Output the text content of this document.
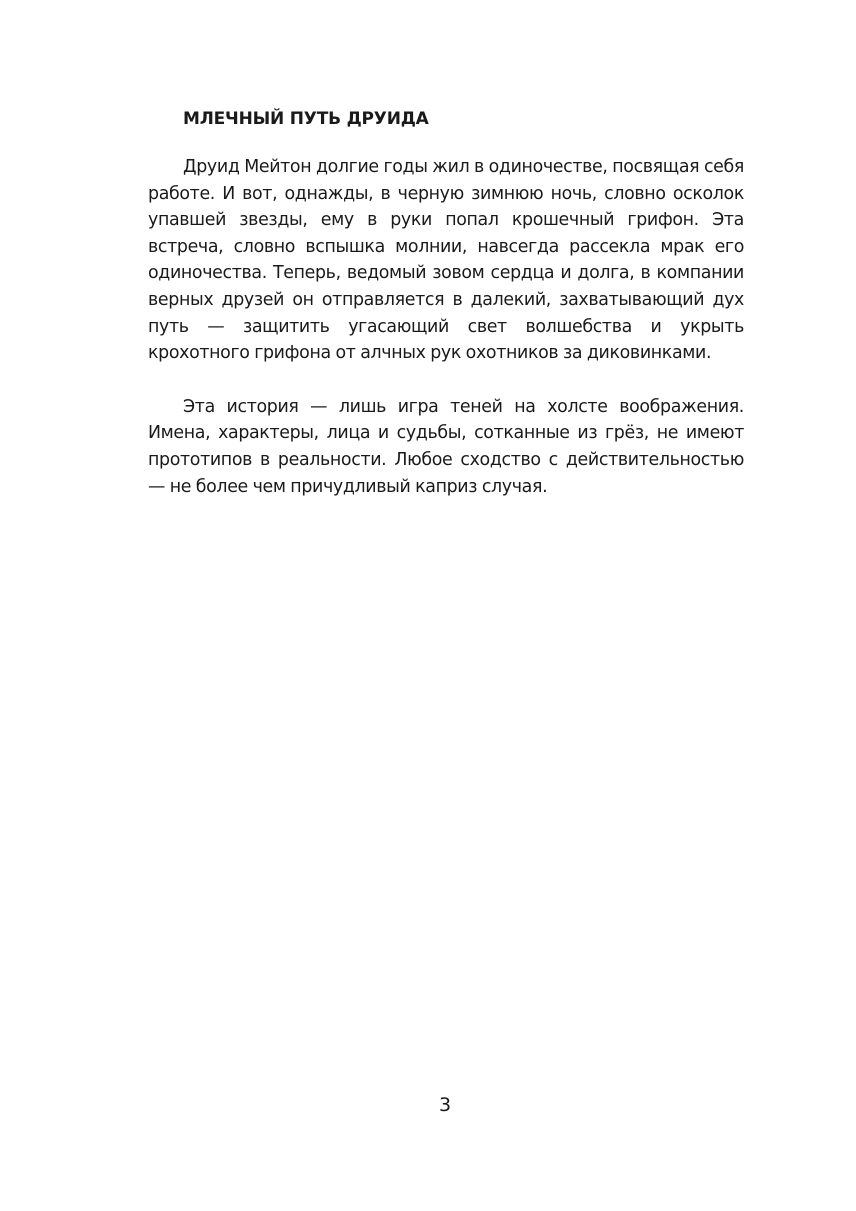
МЛЕЧНЫЙ ПУТЬ ДРУИДА

Друид Мейтон долгие годы жил в одиночестве, посвящая себя работе. И вот, однажды, в черную зимнюю ночь, словно осколок упавшей звезды, ему в руки попал крошечный грифон. Эта встреча, словно вспышка молнии, навсегда рассекла мрак его одиночества. Теперь, ведомый зовом сердца и долга, в компании верных друзей он отправляется в далекий, захватывающий дух путь — защитить угасающий свет волшебства и укрыть крохотного грифона от алчных рук охотников за диковинками.

Эта история — лишь игра теней на холсте воображения. Имена, характеры, лица и судьбы, сотканные из грёз, не имеют прототипов в реальности. Любое сходство с действительностью — не более чем причудливый каприз случая.

3
